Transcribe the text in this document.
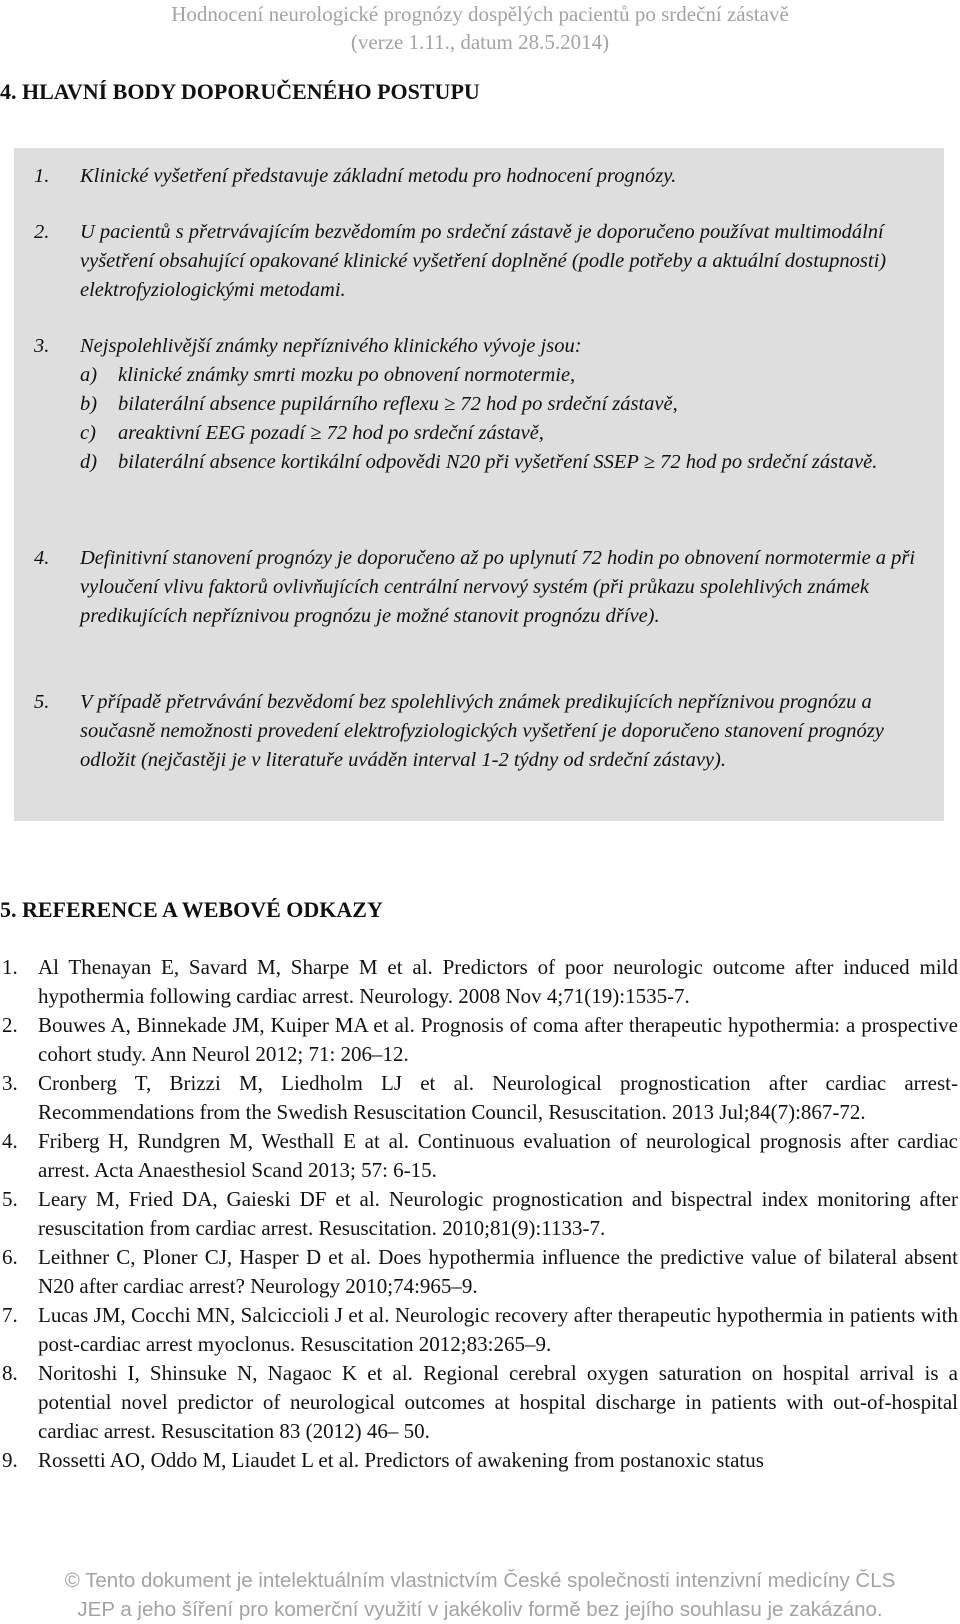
Hodnocení neurologické prognózy dospělých pacientů po srdeční zástavě
(verze 1.11., datum 28.5.2014)
4. HLAVNÍ BODY DOPORUČENÉHO POSTUPU
1.	Klinické vyšetření představuje základní metodu pro hodnocení prognózy.
2.	U pacientů s přetrvávajícím bezvědomím po srdeční zástavě je doporučeno používat multimodální vyšetření obsahující opakované klinické vyšetření doplněné (podle potřeby a aktuální dostupnosti) elektrofyziologickými metodami.
3.	Nejspolehlivější známky nepříznivého klinického vývoje jsou:
a)	klinické známky smrti mozku po obnovení normotermie,
b)	bilaterální absence pupilárního reflexu ≥ 72 hod po srdeční zástavě,
c)	areaktivní EEG pozadí ≥ 72 hod po srdeční zástavě,
d)	bilaterální absence kortikální odpovědi N20 při vyšetření SSEP ≥ 72 hod po srdeční zástavě.
4.	Definitivní stanovení prognózy je doporučeno až po uplynutí 72 hodin po obnovení normotermie a při vyloučení vlivu faktorů ovlivňujících centrální nervový systém (při průkazu spolehlivých známek predikujících nepříznivou prognózu je možné stanovit prognózu dříve).
5.	V případě přetrvávání bezvědomí bez spolehlivých známek predikujících nepříznivou prognózu a současně nemožnosti provedení elektrofyziologických vyšetření je doporučeno stanovení prognózy odložit (nejčastěji je v literatuře uváděn interval 1-2 týdny od srdeční zástavy).
5. REFERENCE A WEBOVÉ ODKAZY
1. Al Thenayan E, Savard M, Sharpe M et al. Predictors of poor neurologic outcome after induced mild hypothermia following cardiac arrest. Neurology. 2008 Nov 4;71(19):1535-7.
2. Bouwes A, Binnekade JM, Kuiper MA et al. Prognosis of coma after therapeutic hypothermia: a prospective cohort study. Ann Neurol 2012; 71: 206–12.
3. Cronberg T, Brizzi M, Liedholm LJ et al. Neurological prognostication after cardiac arrest-Recommendations from the Swedish Resuscitation Council, Resuscitation. 2013 Jul;84(7):867-72.
4. Friberg H, Rundgren M, Westhall E at al. Continuous evaluation of neurological prognosis after cardiac arrest. Acta Anaesthesiol Scand 2013; 57: 6-15.
5. Leary M, Fried DA, Gaieski DF et al. Neurologic prognostication and bispectral index monitoring after resuscitation from cardiac arrest. Resuscitation. 2010;81(9):1133-7.
6. Leithner C, Ploner CJ, Hasper D et al. Does hypothermia influence the predictive value of bilateral absent N20 after cardiac arrest? Neurology 2010;74:965–9.
7. Lucas JM, Cocchi MN, Salciccioli J et al. Neurologic recovery after therapeutic hypothermia in patients with post-cardiac arrest myoclonus. Resuscitation 2012;83:265–9.
8. Noritoshi I, Shinsuke N, Nagaoc K et al. Regional cerebral oxygen saturation on hospital arrival is a potential novel predictor of neurological outcomes at hospital discharge in patients with out-of-hospital cardiac arrest. Resuscitation 83 (2012) 46– 50.
9. Rossetti AO, Oddo M, Liaudet L et al. Predictors of awakening from postanoxic status
© Tento dokument je intelektuálním vlastnictvím České společnosti intenzivní medicíny ČLS
JEP a jeho šíření pro komerční využití v jakékoliv formě bez jejího souhlasu je zakázáno.
